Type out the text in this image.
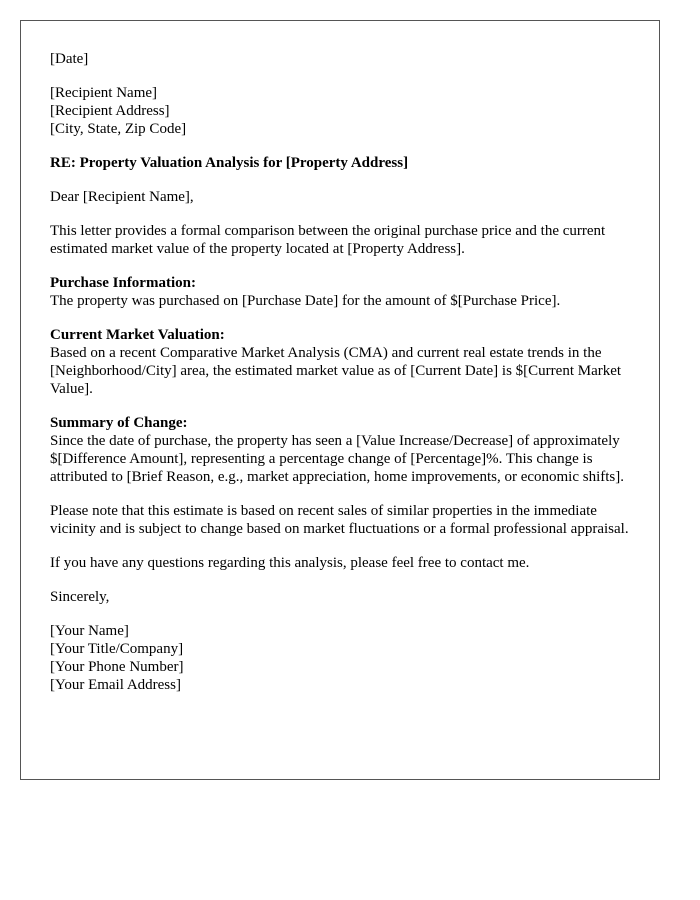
[Date]
[Recipient Name]
[Recipient Address]
[City, State, Zip Code]

RE: Property Valuation Analysis for [Property Address]

Dear [Recipient Name],

This letter provides a formal comparison between the original purchase price and the current estimated market value of the property located at [Property Address].

Purchase Information:
The property was purchased on [Purchase Date] for the amount of $[Purchase Price].
Current Market Valuation:
Based on a recent Comparative Market Analysis (CMA) and current real estate trends in the [Neighborhood/City] area, the estimated market value as of [Current Date] is $[Current Market Value].
Summary of Change:
Since the date of purchase, the property has seen a [Value Increase/Decrease] of approximately $[Difference Amount], representing a percentage change of [Percentage]%. This change is attributed to [Brief Reason, e.g., market appreciation, home improvements, or economic shifts].

Please note that this estimate is based on recent sales of similar properties in the immediate vicinity and is subject to change based on market fluctuations or a formal professional appraisal.

If you have any questions regarding this analysis, please feel free to contact me.

Sincerely,

[Your Name]
[Your Title/Company]
[Your Phone Number]
[Your Email Address]
